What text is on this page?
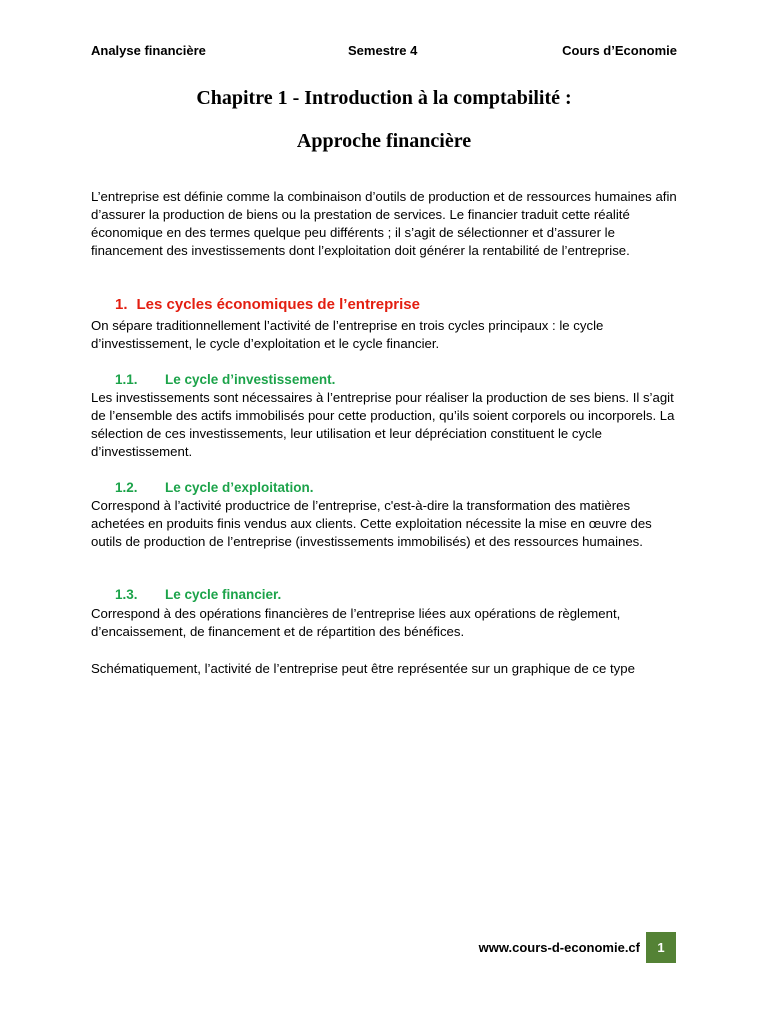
Analyse financière	Semestre 4	Cours d’Economie
Chapitre 1 - Introduction à la comptabilité :
Approche financière

L’entreprise est définie comme la combinaison d’outils de production et de ressources humaines afin d’assurer la production de biens ou la prestation de services. Le financier traduit cette réalité économique en des termes quelque peu différents ; il s’agit de sélectionner et d’assurer le financement des investissements dont l’exploitation doit générer la rentabilité de l’entreprise.

1. Les cycles économiques de l’entreprise

On sépare traditionnellement l’activité de l’entreprise en trois cycles principaux : le cycle d’investissement, le cycle d’exploitation et le cycle financier.

1.1. Le cycle d’investissement.

Les investissements sont nécessaires à l’entreprise pour réaliser la production de ses biens. Il s’agit de l’ensemble des actifs immobilisés pour cette production, qu’ils soient corporels ou incorporels. La sélection de ces investissements, leur utilisation et leur dépréciation constituent le cycle d’investissement.

1.2. Le cycle d’exploitation.

Correspond à l’activité productrice de l’entreprise, c'est-à-dire la transformation des matières achetées en produits finis vendus aux clients. Cette exploitation nécessite la mise en œuvre des outils de production de l’entreprise (investissements immobilisés) et des ressources humaines.

1.3. Le cycle financier.

Correspond à des opérations financières de l’entreprise liées aux opérations de règlement, d’encaissement, de financement et de répartition des bénéfices.

Schématiquement, l’activité de l’entreprise peut être représentée sur un graphique de ce type

www.cours-d-economie.cf	1
